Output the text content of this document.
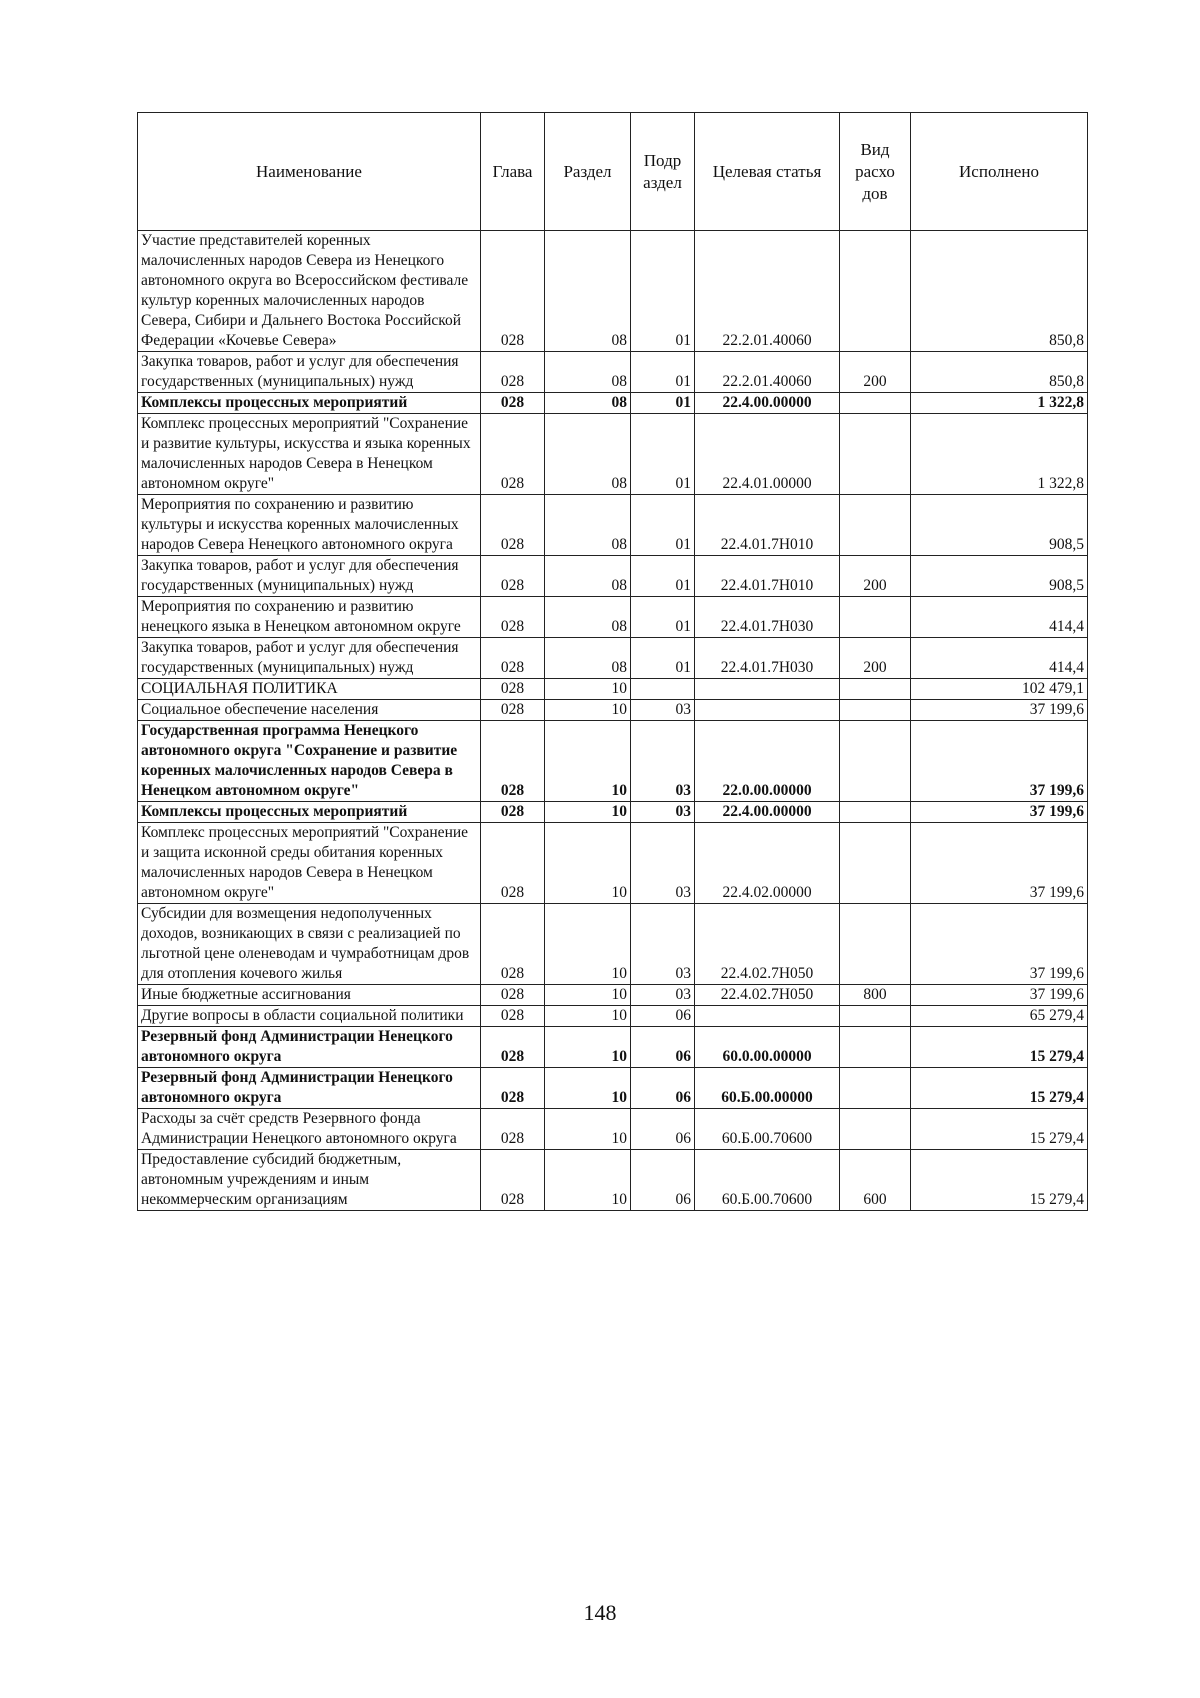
Наименование	Глава	Раздел	Подр аздел	Целевая статья	Вид расхо дов	Исполнено
Участие представителей коренных малочисленных народов Севера из Ненецкого автономного округа во Всероссийском фестивале культур коренных малочисленных народов Севера, Сибири и Дальнего Востока Российской Федерации «Кочевье Севера»	028	08	01	22.2.01.40060		850,8
Закупка товаров, работ и услуг для обеспечения государственных (муниципальных) нужд	028	08	01	22.2.01.40060	200	850,8
Комплексы процессных мероприятий	028	08	01	22.4.00.00000		1 322,8
Комплекс процессных мероприятий "Сохранение и развитие культуры, искусства и языка коренных малочисленных народов Севера в Ненецком автономном округе"	028	08	01	22.4.01.00000		1 322,8
Мероприятия по сохранению и развитию культуры и искусства коренных малочисленных народов Севера Ненецкого автономного округа	028	08	01	22.4.01.7Н010		908,5
Закупка товаров, работ и услуг для обеспечения государственных (муниципальных) нужд	028	08	01	22.4.01.7Н010	200	908,5
Мероприятия по сохранению и развитию ненецкого языка в Ненецком автономном округе	028	08	01	22.4.01.7Н030		414,4
Закупка товаров, работ и услуг для обеспечения государственных (муниципальных) нужд	028	08	01	22.4.01.7Н030	200	414,4
СОЦИАЛЬНАЯ ПОЛИТИКА	028	10				102 479,1
Социальное обеспечение населения	028	10	03			37 199,6
Государственная программа Ненецкого автономного округа "Сохранение и развитие коренных малочисленных народов Севера в Ненецком автономном округе"	028	10	03	22.0.00.00000		37 199,6
Комплексы процессных мероприятий	028	10	03	22.4.00.00000		37 199,6
Комплекс процессных мероприятий "Сохранение и защита исконной среды обитания коренных малочисленных народов Севера в Ненецком автономном округе"	028	10	03	22.4.02.00000		37 199,6
Субсидии для возмещения недополученных доходов, возникающих в связи с реализацией по льготной цене оленеводам и чумработницам дров для отопления кочевого жилья	028	10	03	22.4.02.7Н050		37 199,6
Иные бюджетные ассигнования	028	10	03	22.4.02.7Н050	800	37 199,6
Другие вопросы в области социальной политики	028	10	06			65 279,4
Резервный фонд Администрации Ненецкого автономного округа	028	10	06	60.0.00.00000		15 279,4
Резервный фонд Администрации Ненецкого автономного округа	028	10	06	60.Б.00.00000		15 279,4
Расходы за счёт средств Резервного фонда Администрации Ненецкого автономного округа	028	10	06	60.Б.00.70600		15 279,4
Предоставление субсидий бюджетным, автономным учреждениям и иным некоммерческим организациям	028	10	06	60.Б.00.70600	600	15 279,4
148
